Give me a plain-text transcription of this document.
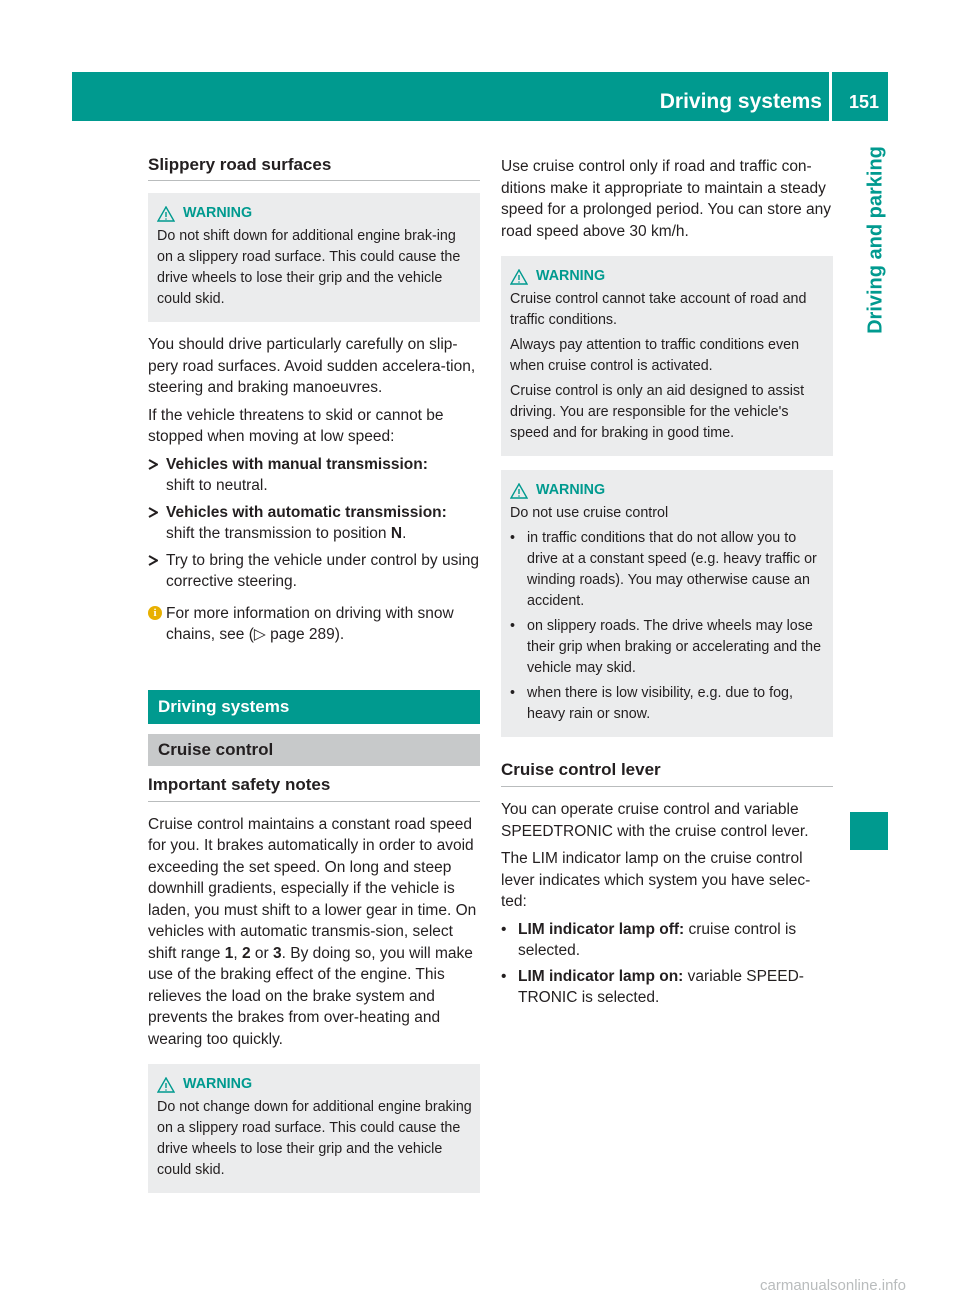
Driving systems	151
Driving and parking
Slippery road surfaces
WARNING

Do not shift down for additional engine brak-ing on a slippery road surface. This could cause the drive wheels to lose their grip and the vehicle could skid.

You should drive particularly carefully on slip-pery road surfaces. Avoid sudden accelera-tion, steering and braking manoeuvres.

If the vehicle threatens to skid or cannot be stopped when moving at low speed:

Vehicles with manual transmission:
shift to neutral.
Vehicles with automatic transmission:
shift the transmission to position N.
Try to bring the vehicle under control by using corrective steering.
i For more information on driving with snow chains, see (▷ page 289).
Driving systems
Cruise control
Important safety notes

Cruise control maintains a constant road speed for you. It brakes automatically in order to avoid exceeding the set speed. On long and steep downhill gradients, especially if the vehicle is laden, you must shift to a lower gear in time. On vehicles with automatic transmis-sion, select shift range 1, 2 or 3. By doing so, you will make use of the braking effect of the engine. This relieves the load on the brake system and prevents the brakes from over-heating and wearing too quickly.

WARNING

Do not change down for additional engine braking on a slippery road surface. This could cause the drive wheels to lose their grip and the vehicle could skid.

Use cruise control only if road and traffic con-ditions make it appropriate to maintain a steady speed for a prolonged period. You can store any road speed above 30 km/h.

WARNING

Cruise control cannot take account of road and traffic conditions.

Always pay attention to traffic conditions even when cruise control is activated.

Cruise control is only an aid designed to assist driving. You are responsible for the vehicle's speed and for braking in good time.

WARNING

Do not use cruise control

• in traffic conditions that do not allow you to drive at a constant speed (e.g. heavy traffic or winding roads). You may otherwise cause an accident.
• on slippery roads. The drive wheels may lose their grip when braking or accelerating and the vehicle may skid.
• when there is low visibility, e.g. due to fog, heavy rain or snow.
Cruise control lever

You can operate cruise control and variable SPEEDTRONIC with the cruise control lever.

The LIM indicator lamp on the cruise control lever indicates which system you have selec-ted:

• LIM indicator lamp off: cruise control is selected.
• LIM indicator lamp on: variable SPEED-TRONIC is selected.
carmanualsonline.info
